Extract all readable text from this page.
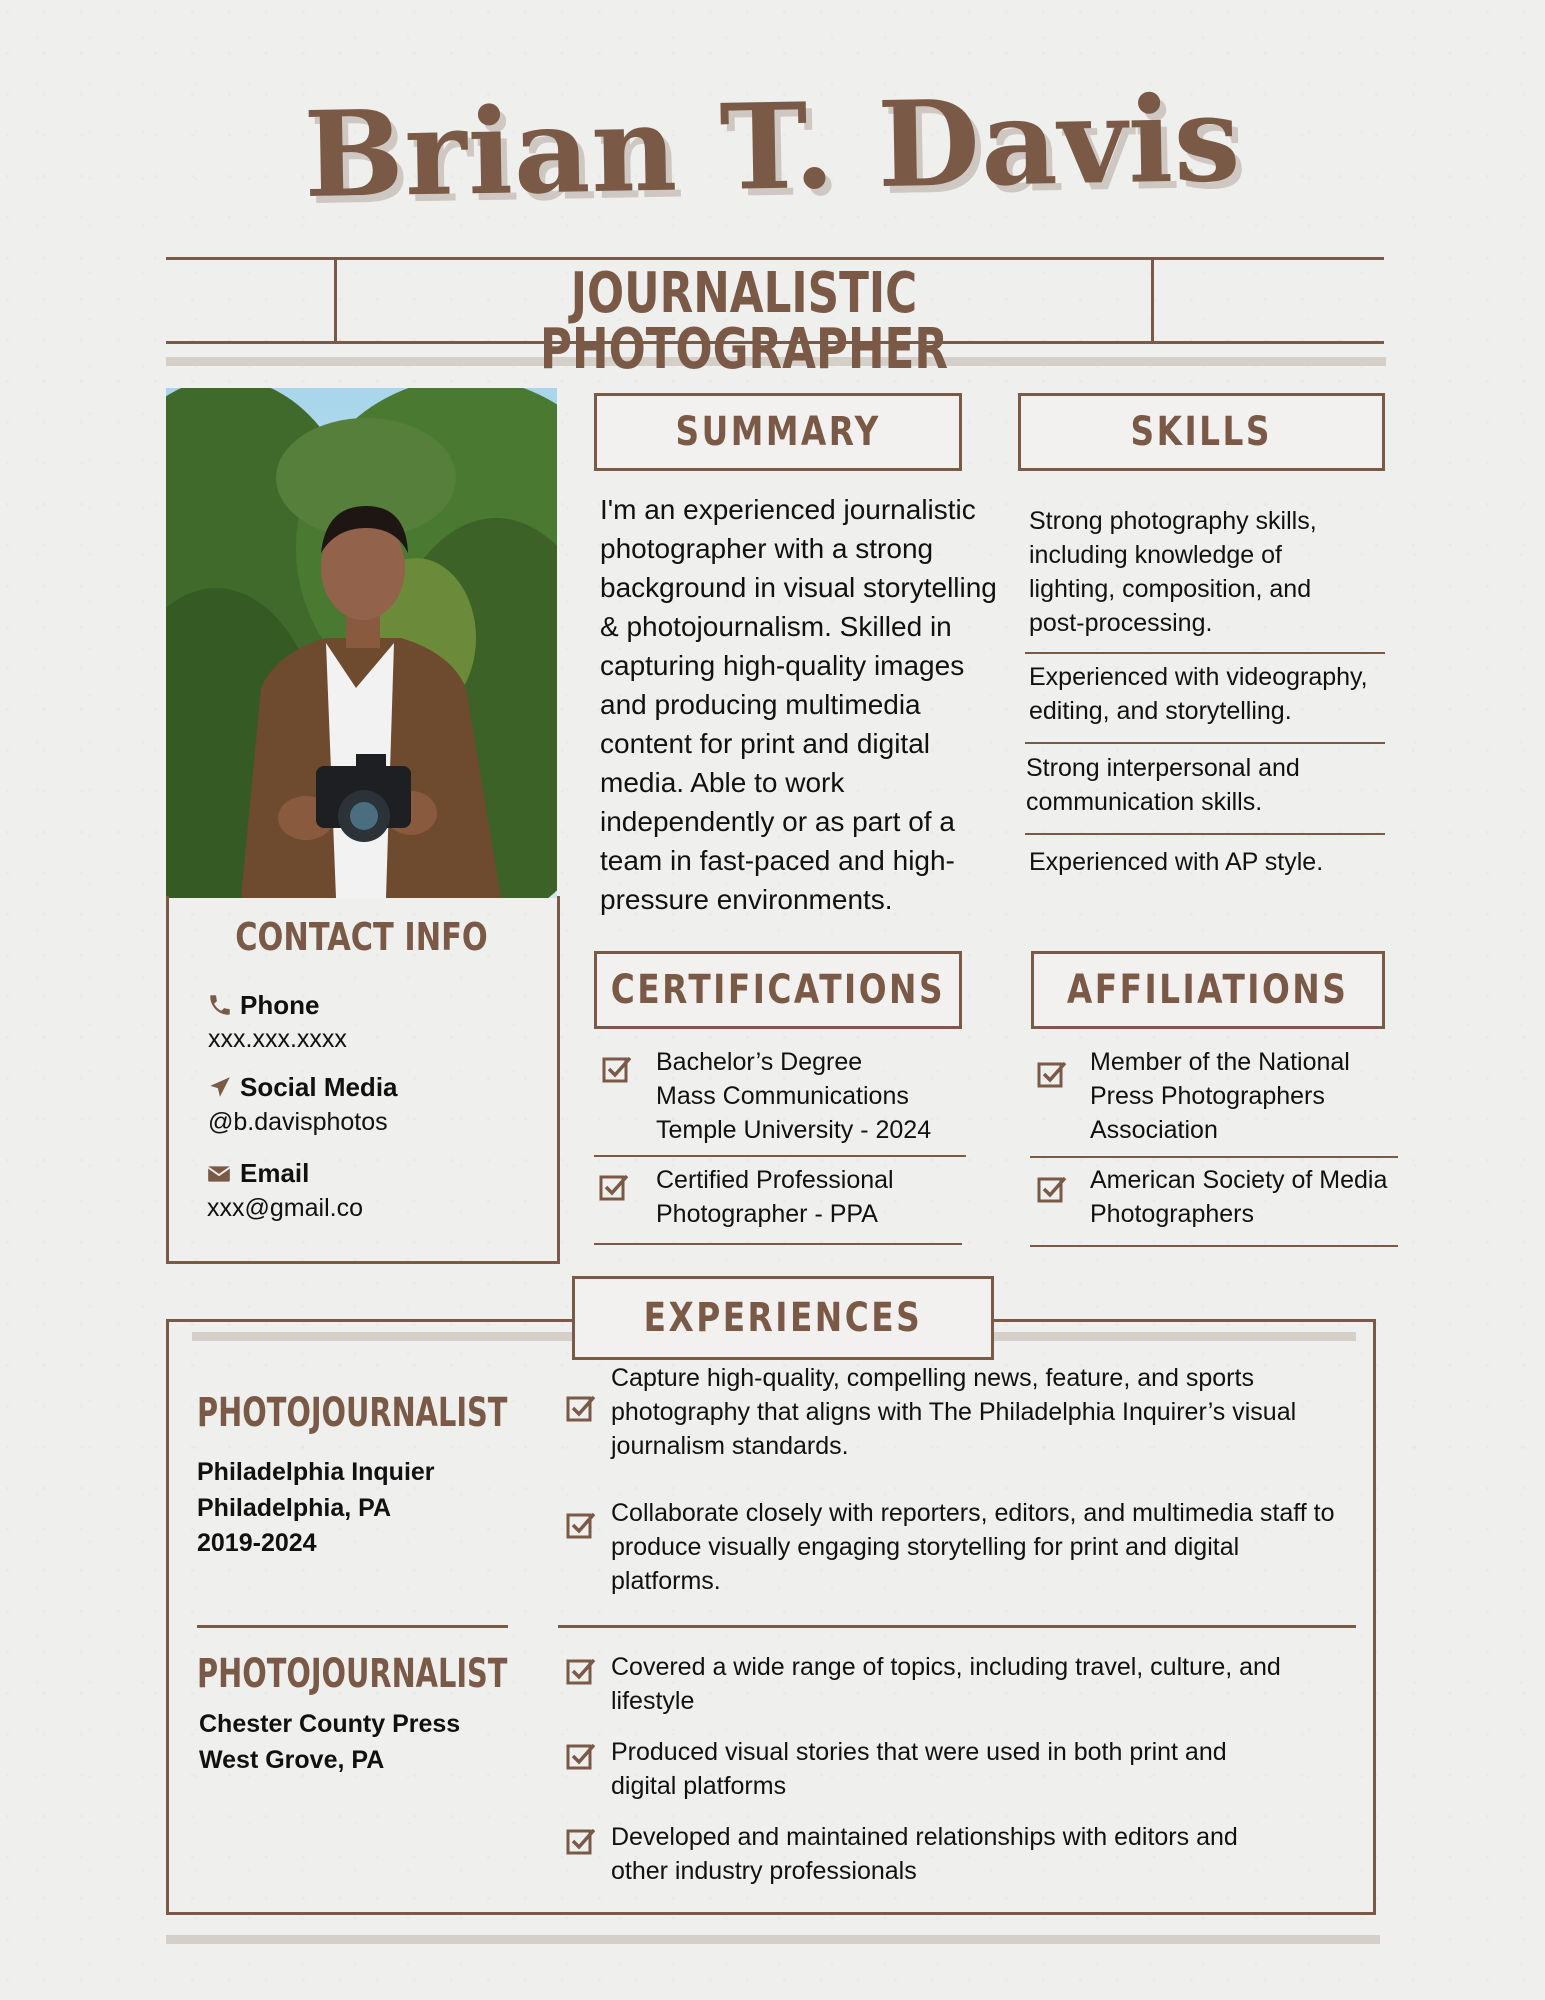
Brian T. Davis
JOURNALISTIC PHOTOGRAPHER
CONTACT INFO
Phone
xxx.xxx.xxxx
Social Media
@b.davisphotos
Email
xxx@gmail.co
SUMMARY
I'm an experienced journalistic photographer with a strong background in visual storytelling & photojournalism. Skilled in capturing high-quality images and producing multimedia content for print and digital media. Able to work independently or as part of a team in fast-paced and high-pressure environments.
SKILLS
Strong photography skills, including knowledge of lighting, composition, and post-processing.
Experienced with videography, editing, and storytelling.
Strong interpersonal and communication skills.
Experienced with AP style.
CERTIFICATIONS
Bachelor’s Degree
Mass Communications
Temple University - 2024
Certified Professional
Photographer - PPA
AFFILIATIONS
Member of the National Press Photographers Association
American Society of Media Photographers
EXPERIENCES
PHOTOJOURNALIST
Philadelphia Inquier
Philadelphia, PA
2019-2024
Capture high-quality, compelling news, feature, and sports photography that aligns with The Philadelphia Inquirer’s visual journalism standards.
Collaborate closely with reporters, editors, and multimedia staff to produce visually engaging storytelling for print and digital platforms.
PHOTOJOURNALIST
Chester County Press
West Grove, PA
Covered a wide range of topics, including travel, culture, and lifestyle
Produced visual stories that were used in both print and digital platforms
Developed and maintained relationships with editors and other industry professionals
